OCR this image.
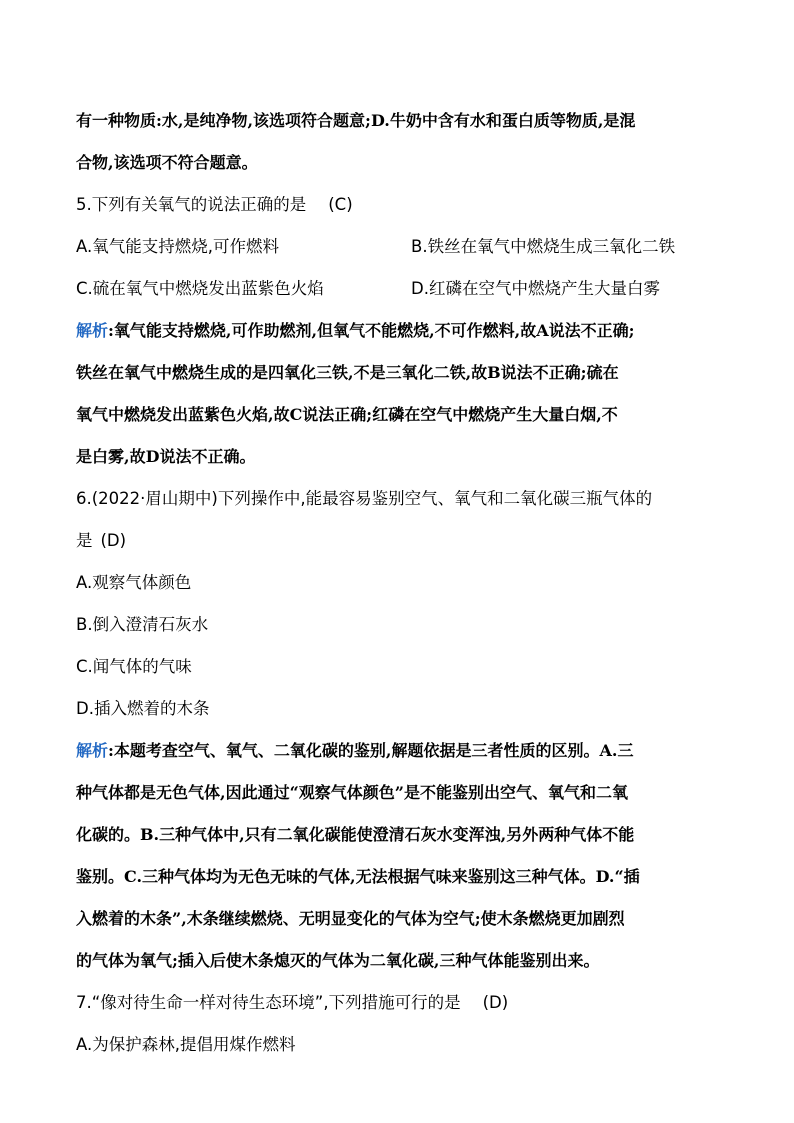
有一种物质:水,是纯净物,该选项符合题意;D.牛奶中含有水和蛋白质等物质,是混
合物,该选项不符合题意。
5.下列有关氧气的说法正确的是 (C)
A.氧气能支持燃烧,可作燃料	B.铁丝在氧气中燃烧生成三氧化二铁
C.硫在氧气中燃烧发出蓝紫色火焰	D.红磷在空气中燃烧产生大量白雾
解析:氧气能支持燃烧,可作助燃剂,但氧气不能燃烧,不可作燃料,故A说法不正确;
铁丝在氧气中燃烧生成的是四氧化三铁,不是三氧化二铁,故B说法不正确;硫在
氧气中燃烧发出蓝紫色火焰,故C说法正确;红磷在空气中燃烧产生大量白烟,不
是白雾,故D说法不正确。
6.(2022·眉山期中)下列操作中,能最容易鉴别空气、氧气和二氧化碳三瓶气体的
是 (D)
A.观察气体颜色
B.倒入澄清石灰水
C.闻气体的气味
D.插入燃着的木条
解析:本题考查空气、氧气、二氧化碳的鉴别,解题依据是三者性质的区别。A.三
种气体都是无色气体,因此通过“观察气体颜色”是不能鉴别出空气、氧气和二氧
化碳的。B.三种气体中,只有二氧化碳能使澄清石灰水变浑浊,另外两种气体不能
鉴别。C.三种气体均为无色无味的气体,无法根据气味来鉴别这三种气体。D.“插
入燃着的木条”,木条继续燃烧、无明显变化的气体为空气;使木条燃烧更加剧烈
的气体为氧气;插入后使木条熄灭的气体为二氧化碳,三种气体能鉴别出来。
7.“像对待生命一样对待生态环境”,下列措施可行的是 (D)
A.为保护森林,提倡用煤作燃料
